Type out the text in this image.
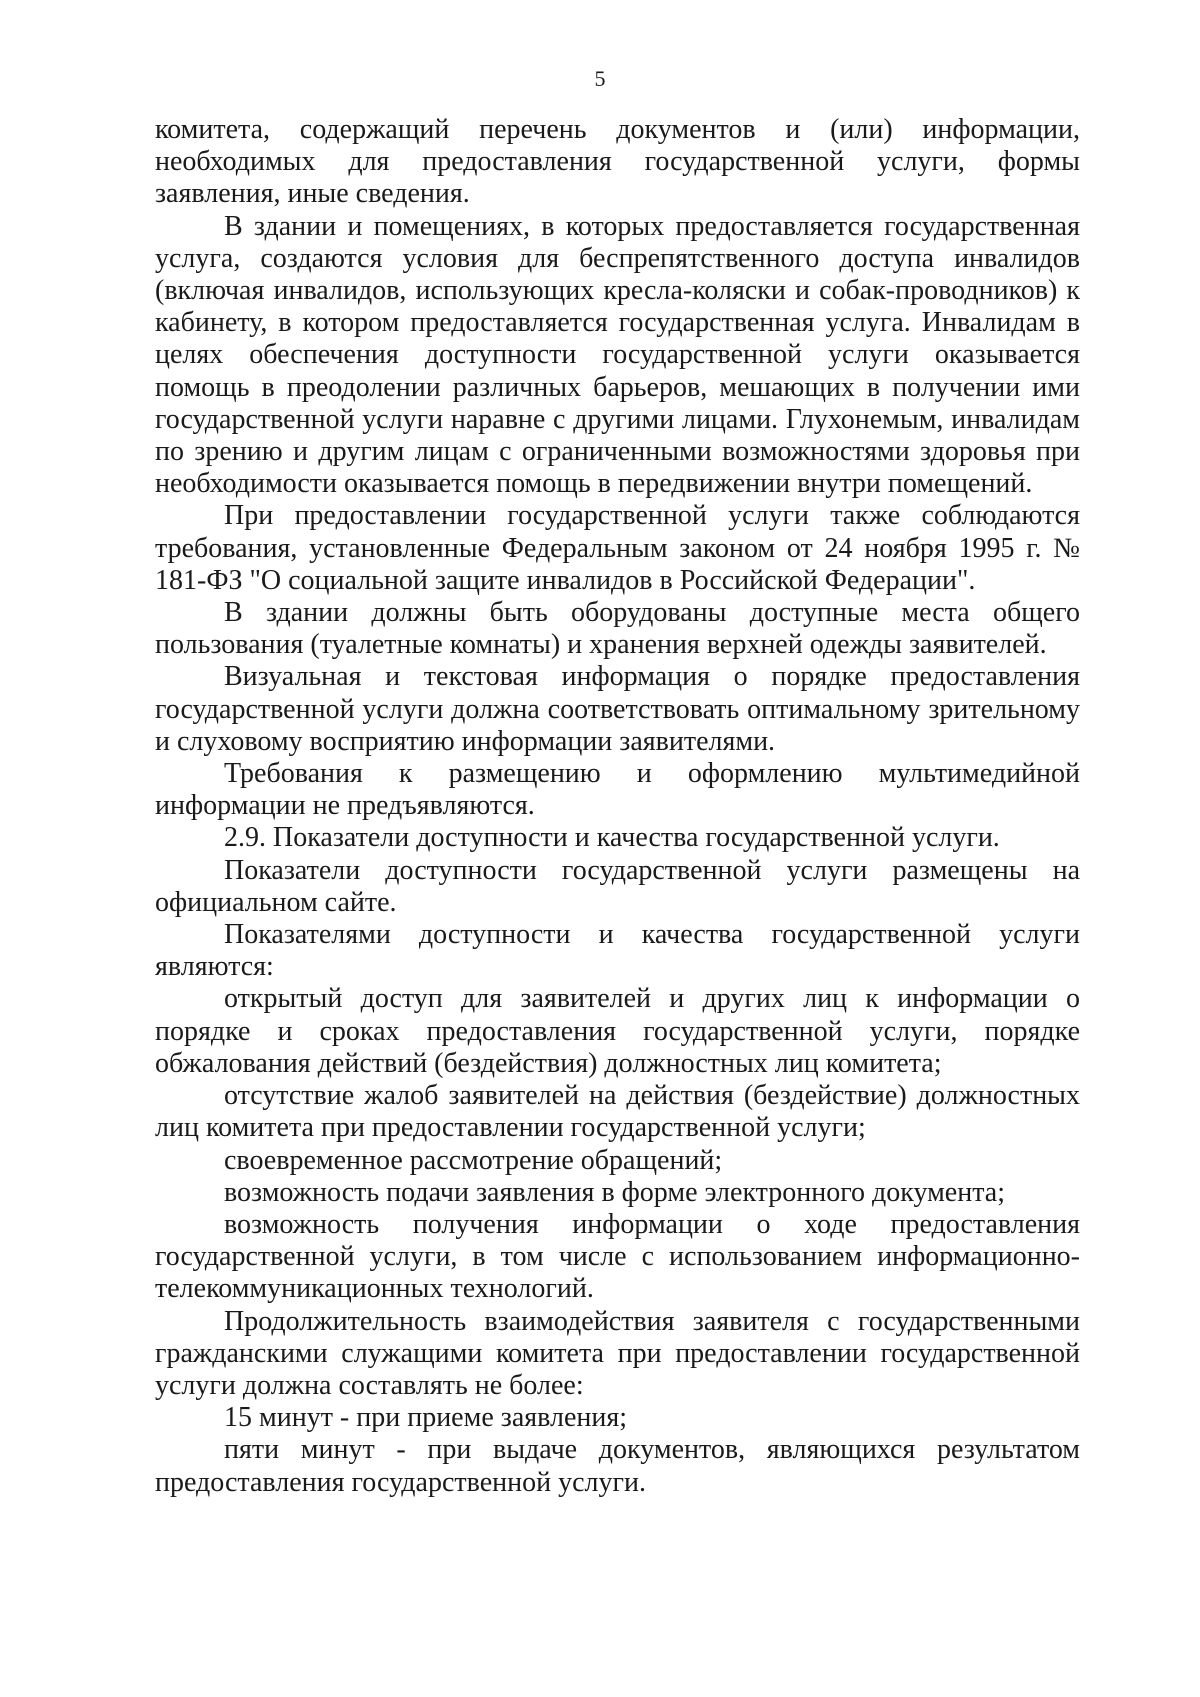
5

комитета, содержащий перечень документов и (или) информации, необходимых для предоставления государственной услуги, формы заявления, иные сведения.

В здании и помещениях, в которых предоставляется государственная услуга, создаются условия для беспрепятственного доступа инвалидов (включая инвалидов, использующих кресла-коляски и собак-проводников) к кабинету, в котором предоставляется государственная услуга. Инвалидам в целях обеспечения доступности государственной услуги оказывается помощь в преодолении различных барьеров, мешающих в получении ими государственной услуги наравне с другими лицами. Глухонемым, инвалидам по зрению и другим лицам с ограниченными возможностями здоровья при необходимости оказывается помощь в передвижении внутри помещений.

При предоставлении государственной услуги также соблюдаются требования, установленные Федеральным законом от 24 ноября 1995 г. № 181-ФЗ "О социальной защите инвалидов в Российской Федерации".

В здании должны быть оборудованы доступные места общего пользования (туалетные комнаты) и хранения верхней одежды заявителей.

Визуальная и текстовая информация о порядке предоставления государственной услуги должна соответствовать оптимальному зрительному и слуховому восприятию информации заявителями.

Требования к размещению и оформлению мультимедийной информации не предъявляются.

2.9. Показатели доступности и качества государственной услуги.

Показатели доступности государственной услуги размещены на официальном сайте.

Показателями доступности и качества государственной услуги являются:

открытый доступ для заявителей и других лиц к информации о порядке и сроках предоставления государственной услуги, порядке обжалования действий (бездействия) должностных лиц комитета;

отсутствие жалоб заявителей на действия (бездействие) должностных лиц комитета при предоставлении государственной услуги;

своевременное рассмотрение обращений;

возможность подачи заявления в форме электронного документа;

возможность получения информации о ходе предоставления государственной услуги, в том числе с использованием информационно-телекоммуникационных технологий.

Продолжительность взаимодействия заявителя с государственными гражданскими служащими комитета при предоставлении государственной услуги должна составлять не более:

15 минут - при приеме заявления;

пяти минут - при выдаче документов, являющихся результатом предоставления государственной услуги.
